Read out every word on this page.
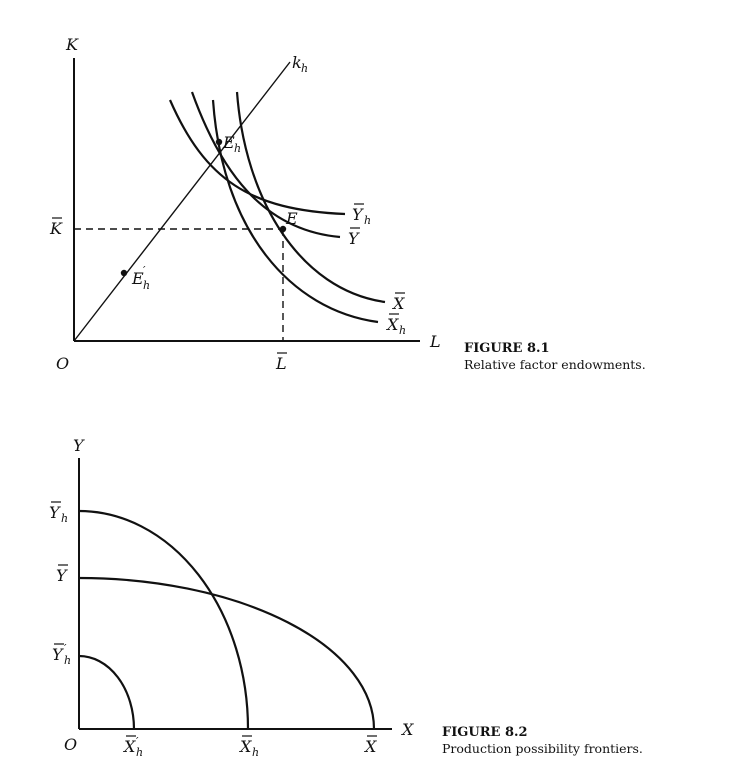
K
L
O
K
L
k h
E h
E
E ′
h
Y h
Y
X
X h
FIGURE 8.1
Relative factor endowments.
Y
X
O
Y h
Y
Y ′
h
X ′
h	X h	X
FIGURE 8.2
Production possibility frontiers.
